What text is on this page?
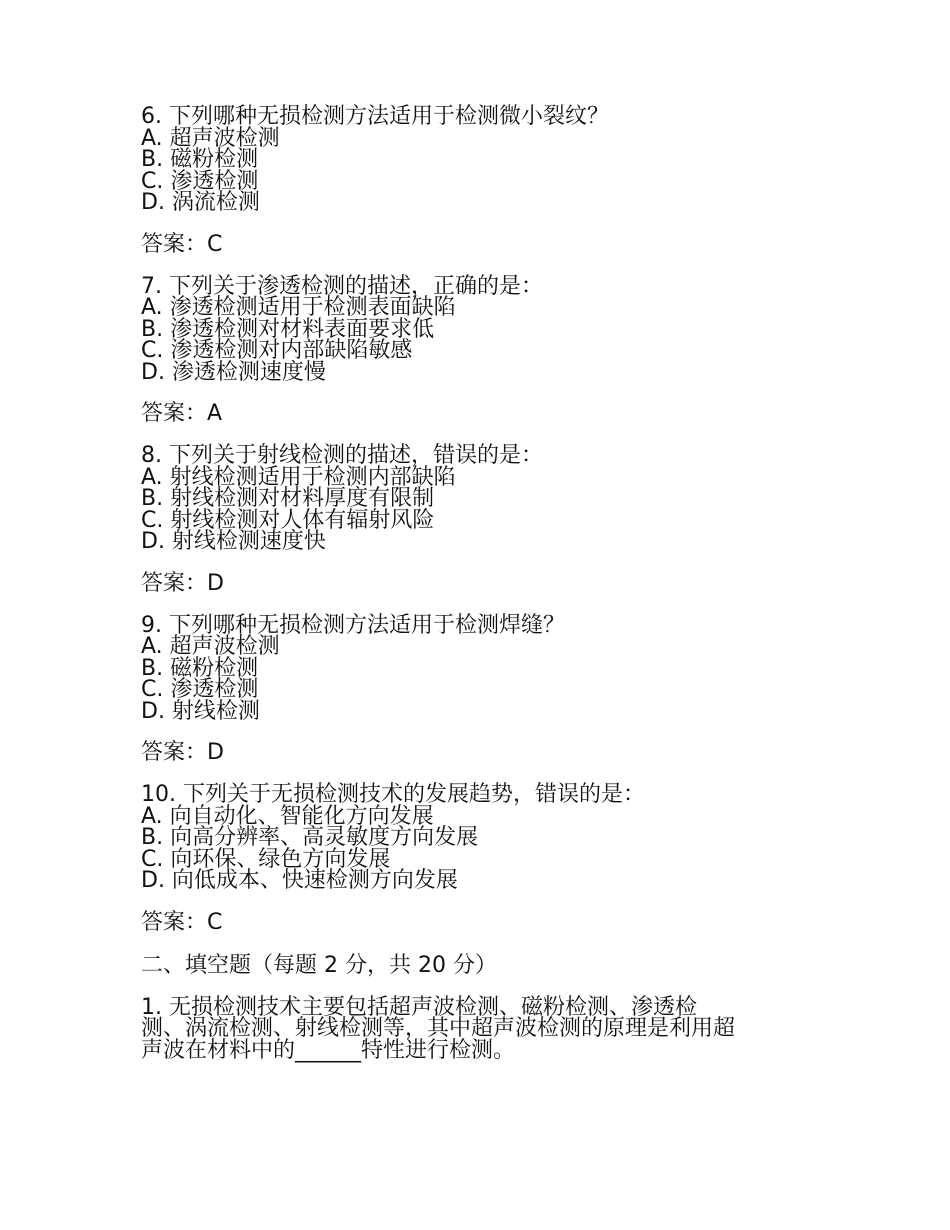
6. 下列哪种无损检测方法适用于检测微小裂纹？
A. 超声波检测
B. 磁粉检测
C. 渗透检测
D. 涡流检测
答案：C
7. 下列关于渗透检测的描述，正确的是：
A. 渗透检测适用于检测表面缺陷
B. 渗透检测对材料表面要求低
C. 渗透检测对内部缺陷敏感
D. 渗透检测速度慢
答案：A
8. 下列关于射线检测的描述，错误的是：
A. 射线检测适用于检测内部缺陷
B. 射线检测对材料厚度有限制
C. 射线检测对人体有辐射风险
D. 射线检测速度快
答案：D
9. 下列哪种无损检测方法适用于检测焊缝？
A. 超声波检测
B. 磁粉检测
C. 渗透检测
D. 射线检测
答案：D
10. 下列关于无损检测技术的发展趋势，错误的是：
A. 向自动化、智能化方向发展
B. 向高分辨率、高灵敏度方向发展
C. 向环保、绿色方向发展
D. 向低成本、快速检测方向发展
答案：C
二、填空题（每题 2 分，共 20 分）
1. 无损检测技术主要包括超声波检测、磁粉检测、渗透检
测、涡流检测、射线检测等，其中超声波检测的原理是利用超
声波在材料中的______特性进行检测。
